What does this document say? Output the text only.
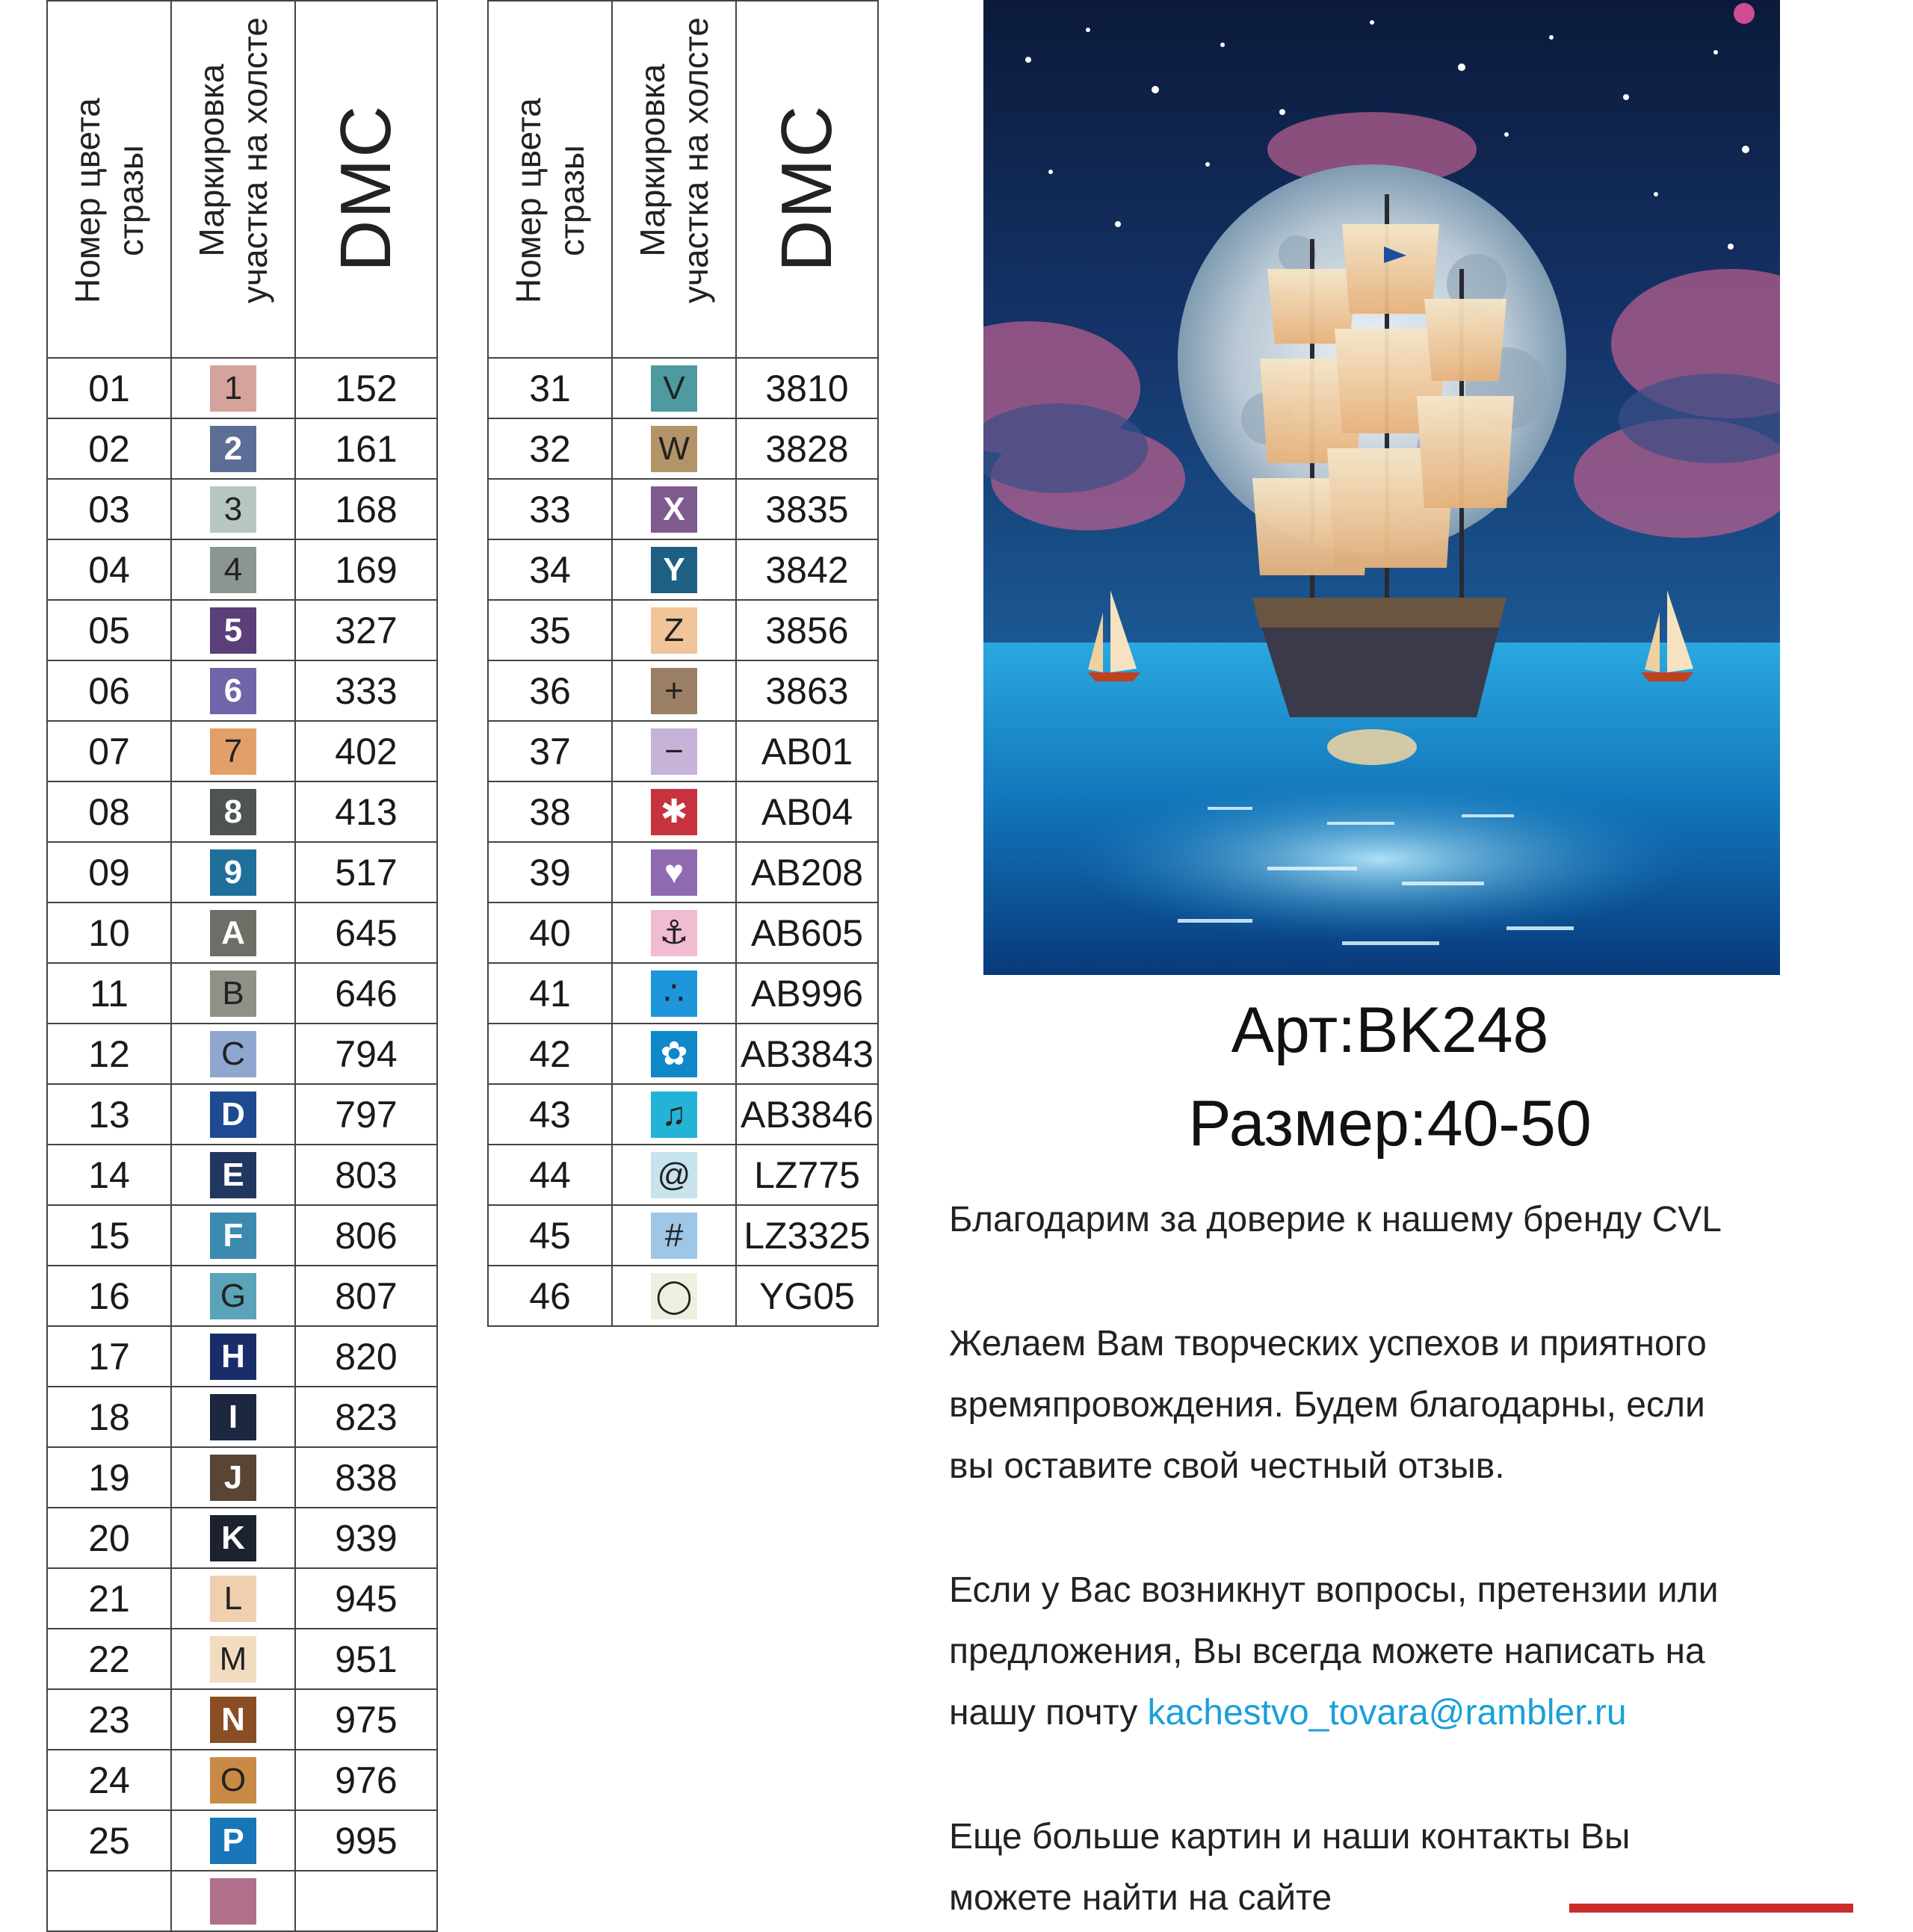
Номер цвета стразы	Маркировка участка на холсте	DMC

01	1	152
02	2	161
03	3	168
04	4	169
05	5	327
06	6	333
07	7	402
08	8	413
09	9	517
10	A	645
11	B	646
12	C	794
13	D	797
14	E	803
15	F	806
16	G	807
17	H	820
18	I	823
19	J	838
20	K	939
21	L	945
22	M	951
23	N	975
24	O	976
25	P	995

Номер цвета стразы	Маркировка участка на холсте	DMC

31	V	3810
32	W	3828
33	X	3835
34	Y	3842
35	Z	3856
36	+	3863
37	−	AB01
38	✱	AB04
39	♥	AB208
40	⚓	AB605
41	∴	AB996
42	✿	AB3843
43	♫	AB3846
44	@	LZ775
45	#	LZ3325
46	◯	YG05
Арт:BK248
Размер:40-50
Благодарим за доверие к нашему бренду CVL
Желаем Вам творческих успехов и приятного
времяпровождения. Будем благодарны, если
вы оставите свой честный отзыв.
Если у Вас возникнут вопросы, претензии или
предложения, Вы всегда можете написать на
нашу почту kachestvo_tovara@rambler.ru
Еще больше картин и наши контакты Вы
можете найти на сайте
